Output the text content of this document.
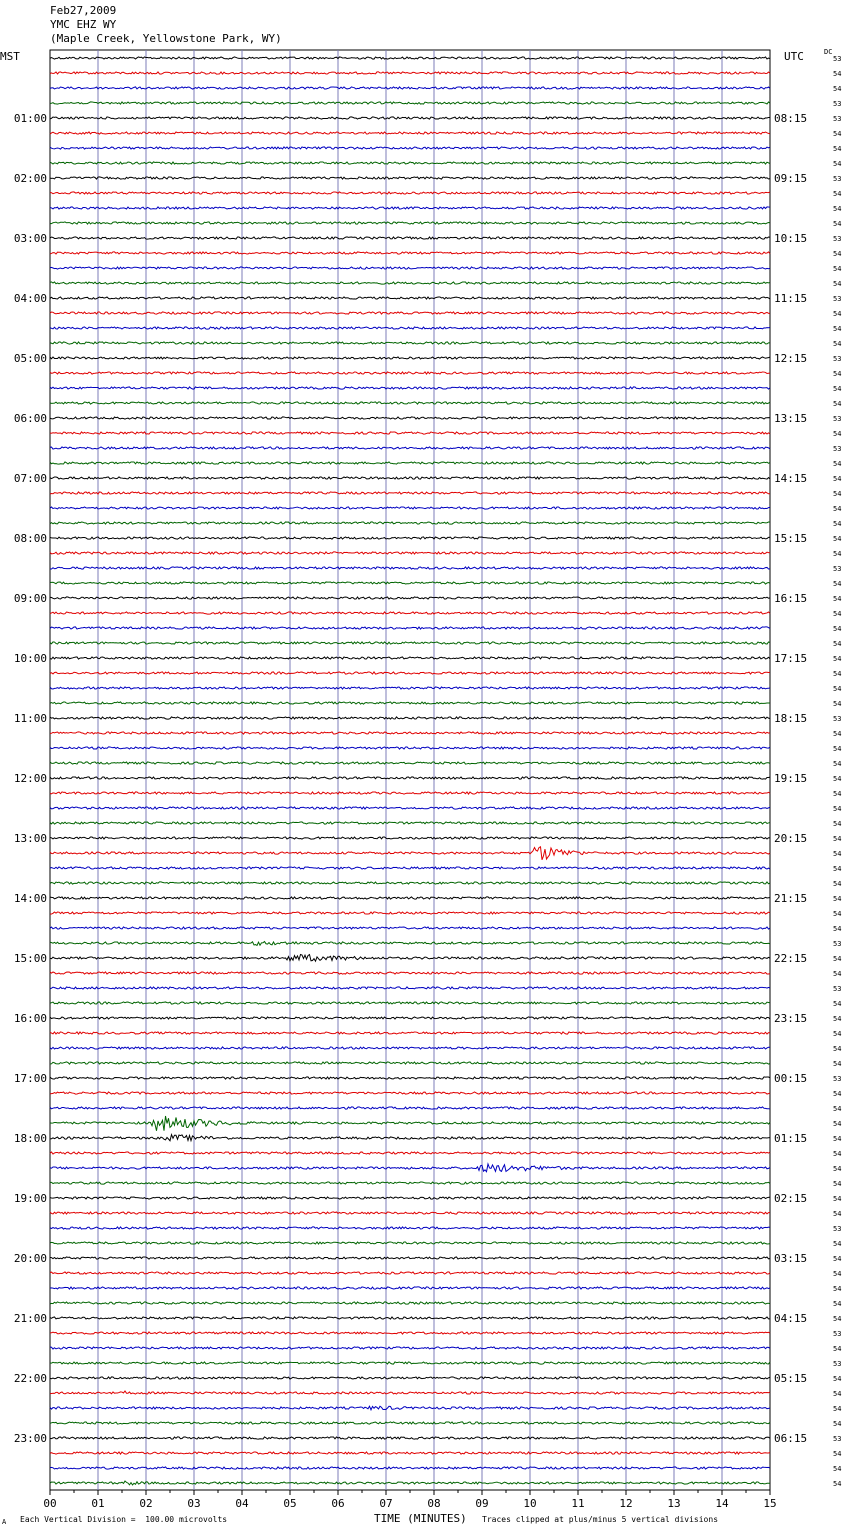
Feb27,2009
YMC EHZ WY
(Maple Creek, Yellowstone Park, WY)
MST	UTC	DC
00	01	02	03	04	05	06	07	08	09	10	11	12	13	14	15
53
54
54
53
53
54
54
54
53
54
54
54
53
54
54
54
53
54
54
54
53
54
54
54
53
54
53
54
54
54
54
54
54
54
53
54
54
54
54
54
54
54
54
54
53
54
54
54
54
54
54
54
54
54
54
54
54
54
54
53
54
54
53
54
54
54
54
54
53
54
54
54
54
54
54
54
54
54
53
54
54
54
54
54
54
53
54
53
54
54
54
54
53
54
54
54
01:00
02:00
03:00
04:00
05:00
06:00
07:00
08:00
09:00
10:00
11:00
12:00
13:00
14:00
15:00
16:00
17:00
18:00
19:00
20:00
21:00
22:00
23:00
08:15
09:15
10:15
11:15
12:15
13:15
14:15
15:15
16:15
17:15
18:15
19:15
20:15
21:15
22:15
23:15
00:15
01:15
02:15
03:15
04:15
05:15
06:15
A Each Vertical Division =  100.00 microvolts	TIME (MINUTES) Traces clipped at plus/minus 5 vertical divisions
